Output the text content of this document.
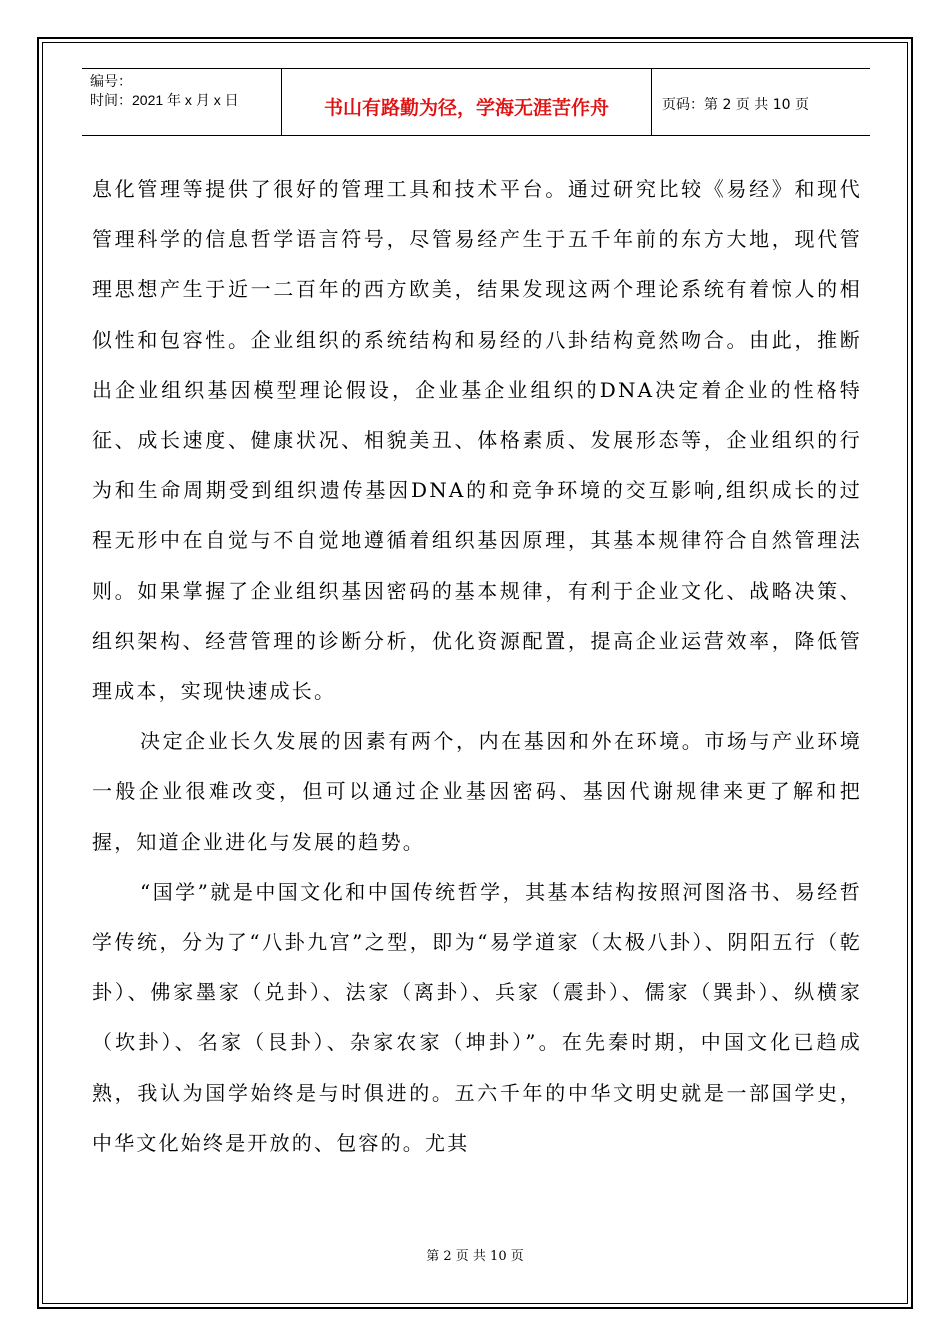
编号：
时间：2021 年 x 月 x 日	书山有路勤为径，学海无涯苦作舟	页码：第 2 页 共 10 页

息化管理等提供了很好的管理工具和技术平台。通过研究比较《易经》和现代管理科学的信息哲学语言符号，尽管易经产生于五千年前的东方大地，现代管理思想产生于近一二百年的西方欧美，结果发现这两个理论系统有着惊人的相似性和包容性。企业组织的系统结构和易经的八卦结构竟然吻合。由此，推断出企业组织基因模型理论假设，企业基企业组织的DNA决定着企业的性格特征、成长速度、健康状况、相貌美丑、体格素质、发展形态等，企业组织的行为和生命周期受到组织遗传基因DNA的和竞争环境的交互影响,组织成长的过程无形中在自觉与不自觉地遵循着组织基因原理，其基本规律符合自然管理法则。如果掌握了企业组织基因密码的基本规律，有利于企业文化、战略决策、组织架构、经营管理的诊断分析，优化资源配置，提高企业运营效率，降低管理成本，实现快速成长。

决定企业长久发展的因素有两个，内在基因和外在环境。市场与产业环境一般企业很难改变，但可以通过企业基因密码、基因代谢规律来更了解和把握，知道企业进化与发展的趋势。

“国学”就是中国文化和中国传统哲学，其基本结构按照河图洛书、易经哲学传统，分为了“八卦九宫”之型，即为“易学道家（太极八卦）、阴阳五行（乾卦）、佛家墨家（兑卦）、法家（离卦）、兵家（震卦）、儒家（巽卦）、纵横家（坎卦）、名家（艮卦）、杂家农家（坤卦）”。在先秦时期，中国文化已趋成熟，我认为国学始终是与时俱进的。五六千年的中华文明史就是一部国学史，中华文化始终是开放的、包容的。尤其

第 2 页 共 10 页
